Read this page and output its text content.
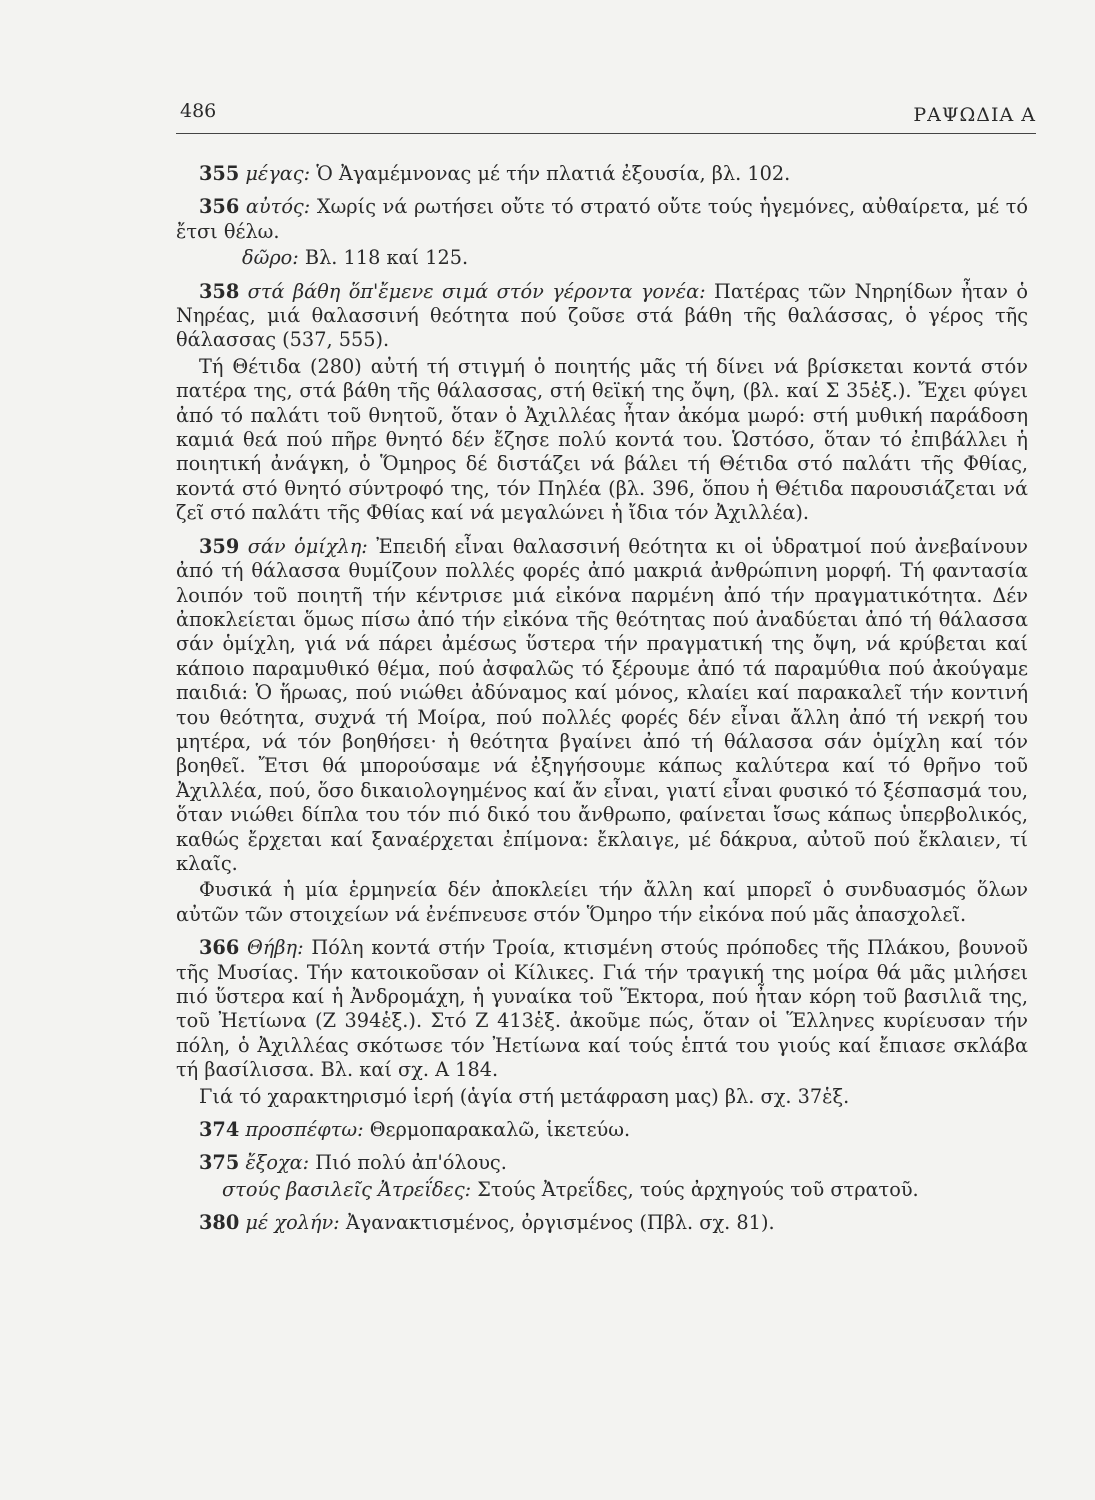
486	ΡΑΨΩΔΙΑ Α

355 μέγας: Ὁ Ἀγαμέμνονας μέ τήν πλατιά ἐξουσία, βλ. 102.

356 αὐτός: Χωρίς νά ρωτήσει οὔτε τό στρατό οὔτε τούς ἡγεμόνες, αὐθαίρετα, μέ τό ἔτσι θέλω.

δῶρο: Βλ. 118 καί 125.

358 στά βάθη ὅπ'ἔμενε σιμά στόν γέροντα γονέα: Πατέρας τῶν Νηρηίδων ἦταν ὁ Νηρέας, μιά θαλασσινή θεότητα πού ζοῦσε στά βάθη τῆς θαλάσσας, ὁ γέρος τῆς θάλασσας (537, 555).

Τή Θέτιδα (280) αὐτή τή στιγμή ὁ ποιητής μᾶς τή δίνει νά βρίσκεται κοντά στόν πατέρα της, στά βάθη τῆς θάλασσας, στή θεϊκή της ὄψη, (βλ. καί Σ 35ἑξ.). Ἔχει φύγει ἀπό τό παλάτι τοῦ θνητοῦ, ὅταν ὁ Ἀχιλλέας ἦταν ἀκόμα μωρό: στή μυθική παράδοση καμιά θεά πού πῆρε θνητό δέν ἔζησε πολύ κοντά του. Ὡστόσο, ὅταν τό ἐπιβάλλει ἡ ποιητική ἀνάγκη, ὁ Ὅμηρος δέ διστάζει νά βάλει τή Θέτιδα στό παλάτι τῆς Φθίας, κοντά στό θνητό σύντροφό της, τόν Πηλέα (βλ. 396, ὅπου ἡ Θέτιδα παρουσιάζεται νά ζεῖ στό παλάτι τῆς Φθίας καί νά μεγαλώνει ἡ ἴδια τόν Ἀχιλλέα).

359 σάν ὁμίχλη: Ἐπειδή εἶναι θαλασσινή θεότητα κι οἱ ὑδρατμοί πού ἀνεβαίνουν ἀπό τή θάλασσα θυμίζουν πολλές φορές ἀπό μακριά ἀνθρώπινη μορφή. Τή φαντασία λοιπόν τοῦ ποιητῆ τήν κέντρισε μιά εἰκόνα παρμένη ἀπό τήν πραγματικότητα. Δέν ἀποκλείεται ὅμως πίσω ἀπό τήν εἰκόνα τῆς θεότητας πού ἀναδύεται ἀπό τή θάλασσα σάν ὁμίχλη, γιά νά πάρει ἀμέσως ὕστερα τήν πραγματική της ὄψη, νά κρύβεται καί κάποιο παραμυθικό θέμα, πού ἀσφαλῶς τό ξέρουμε ἀπό τά παραμύθια πού ἀκούγαμε παιδιά: Ὁ ἥρωας, πού νιώθει ἀδύναμος καί μόνος, κλαίει καί παρακαλεῖ τήν κοντινή του θεότητα, συχνά τή Μοίρα, πού πολλές φορές δέν εἶναι ἄλλη ἀπό τή νεκρή του μητέρα, νά τόν βοηθήσει· ἡ θεότητα βγαίνει ἀπό τή θάλασσα σάν ὁμίχλη καί τόν βοηθεῖ. Ἔτσι θά μπορούσαμε νά ἐξηγήσουμε κάπως καλύτερα καί τό θρῆνο τοῦ Ἀχιλλέα, πού, ὅσο δικαιολογημένος καί ἄν εἶναι, γιατί εἶναι φυσικό τό ξέσπασμά του, ὅταν νιώθει δίπλα του τόν πιό δικό του ἄνθρωπο, φαίνεται ἴσως κάπως ὑπερβολικός, καθώς ἔρχεται καί ξαναέρχεται ἐπίμονα: ἔκλαιγε, μέ δάκρυα, αὐτοῦ πού ἔκλαιεν, τί κλαῖς.

Φυσικά ἡ μία ἑρμηνεία δέν ἀποκλείει τήν ἄλλη καί μπορεῖ ὁ συνδυασμός ὅλων αὐτῶν τῶν στοιχείων νά ἐνέπνευσε στόν Ὅμηρο τήν εἰκόνα πού μᾶς ἀπασχολεῖ.

366 Θήβη: Πόλη κοντά στήν Τροία, κτισμένη στούς πρόποδες τῆς Πλάκου, βουνοῦ τῆς Μυσίας. Τήν κατοικοῦσαν οἱ Κίλικες. Γιά τήν τραγική της μοίρα θά μᾶς μιλήσει πιό ὕστερα καί ἡ Ἀνδρομάχη, ἡ γυναίκα τοῦ Ἕκτορα, πού ἦταν κόρη τοῦ βασιλιᾶ της, τοῦ Ἠετίωνα (Ζ 394ἑξ.). Στό Ζ 413ἑξ. ἀκοῦμε πώς, ὅταν οἱ Ἕλληνες κυρίευσαν τήν πόλη, ὁ Ἀχιλλέας σκότωσε τόν Ἠετίωνα καί τούς ἑπτά του γιούς καί ἔπιασε σκλάβα τή βασίλισσα. Βλ. καί σχ. Α 184.

Γιά τό χαρακτηρισμό ἱερή (ἁγία στή μετάφραση μας) βλ. σχ. 37ἑξ.

374 προσπέφτω: Θερμοπαρακαλῶ, ἱκετεύω.

375 ἔξοχα: Πιό πολύ ἀπ'όλους.

στούς βασιλεῖς Ἀτρεΐδες: Στούς Ἀτρεΐδες, τούς ἀρχηγούς τοῦ στρατοῦ.

380 μέ χολήν: Ἀγανακτισμένος, ὀργισμένος (Πβλ. σχ. 81).
